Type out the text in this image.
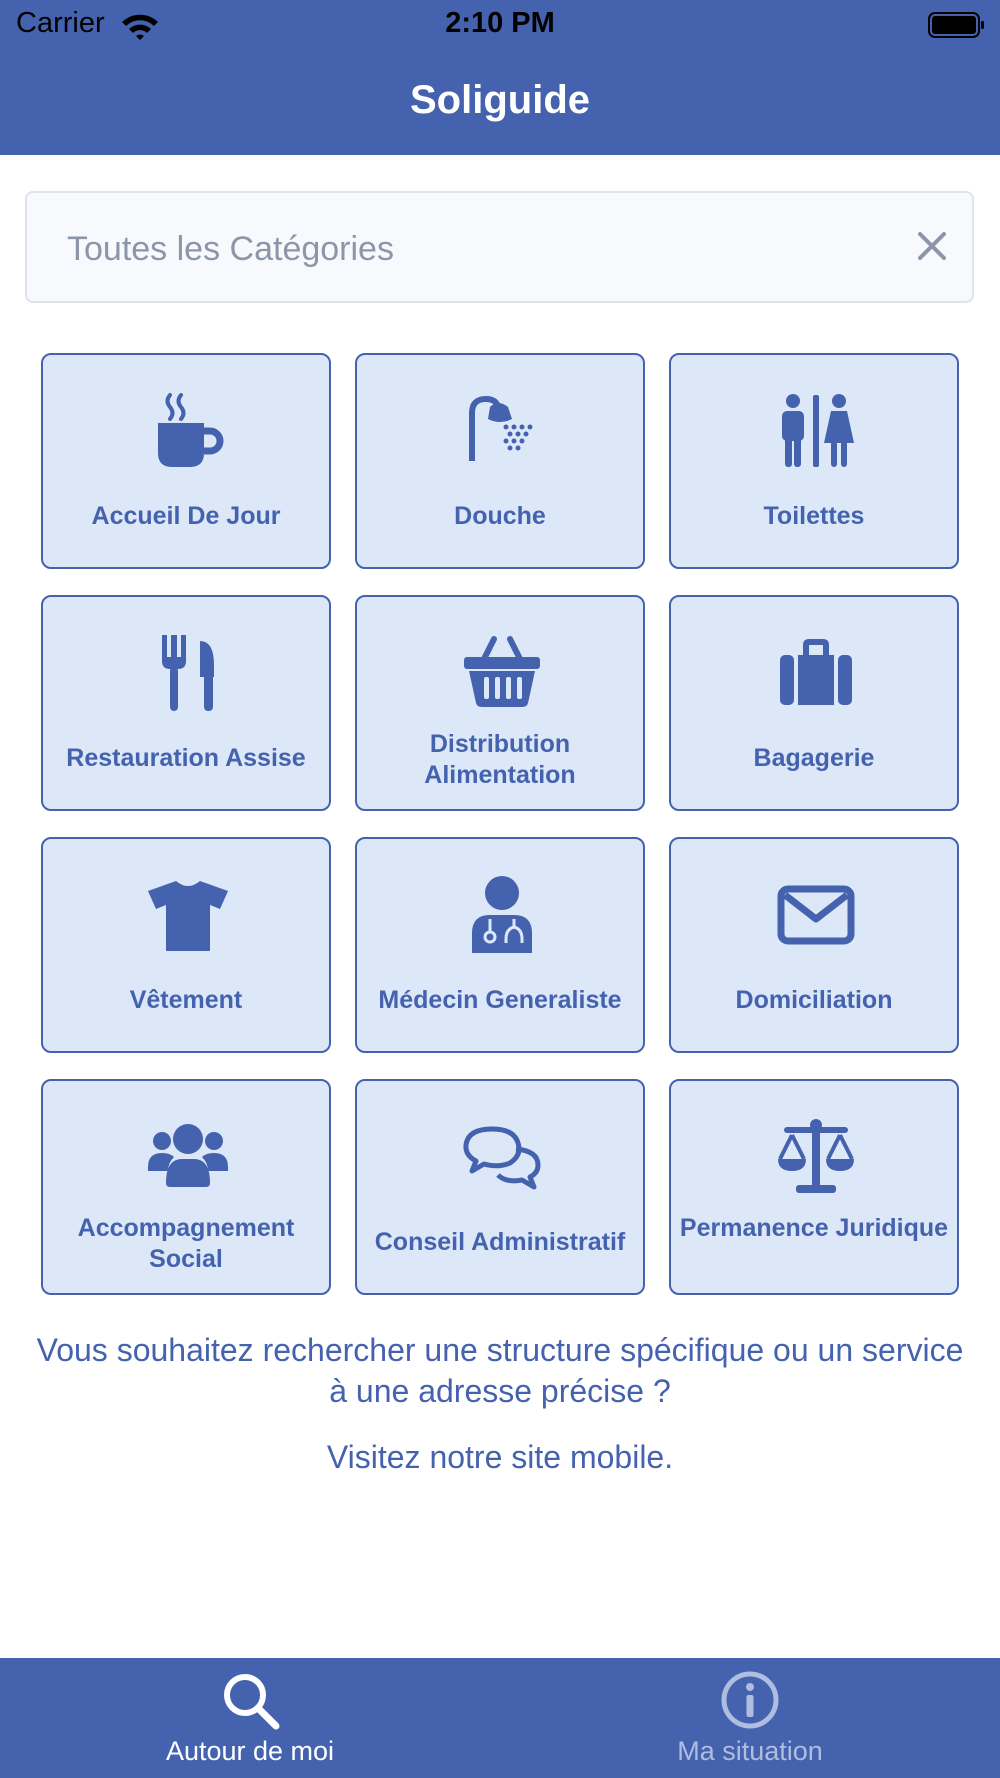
Carrier	2:10 PM
Soliguide
Toutes les Catégories
Accueil De Jour	Douche	Toilettes
Restauration Assise	Distribution Alimentation
Bagagerie
Vêtement	Médecin Generaliste	Domiciliation
Accompagnement Social
Conseil Administratif	Permanence Juridique
Vous souhaitez rechercher une structure spécifique ou un service à une adresse précise ?
Visitez notre site mobile.
Autour de moi	Ma situation
